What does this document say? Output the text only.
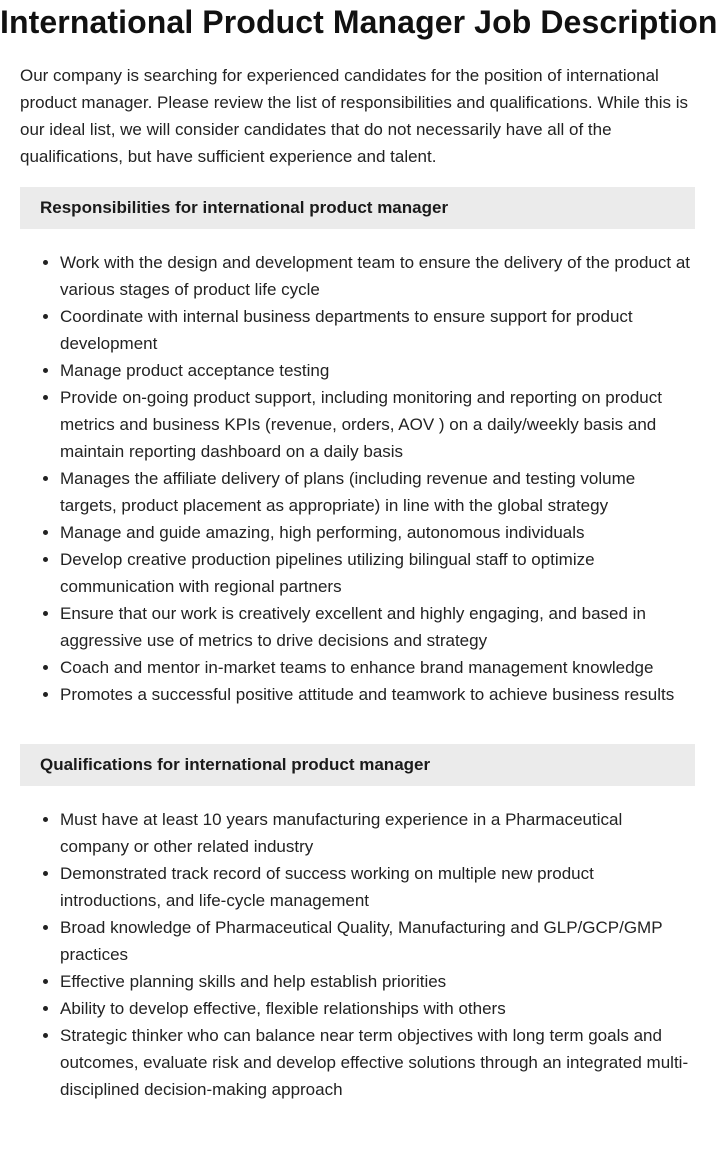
International Product Manager Job Description

Our company is searching for experienced candidates for the position of international product manager. Please review the list of responsibilities and qualifications. While this is our ideal list, we will consider candidates that do not necessarily have all of the qualifications, but have sufficient experience and talent.

Responsibilities for international product manager
• Work with the design and development team to ensure the delivery of the product at various stages of product life cycle
• Coordinate with internal business departments to ensure support for product development
• Manage product acceptance testing
• Provide on-going product support, including monitoring and reporting on product metrics and business KPIs (revenue, orders, AOV ) on a daily/weekly basis and maintain reporting dashboard on a daily basis
• Manages the affiliate delivery of plans (including revenue and testing volume targets, product placement as appropriate) in line with the global strategy
• Manage and guide amazing, high performing, autonomous individuals
• Develop creative production pipelines utilizing bilingual staff to optimize communication with regional partners
• Ensure that our work is creatively excellent and highly engaging, and based in aggressive use of metrics to drive decisions and strategy
• Coach and mentor in-market teams to enhance brand management knowledge
• Promotes a successful positive attitude and teamwork to achieve business results
Qualifications for international product manager
• Must have at least 10 years manufacturing experience in a Pharmaceutical company or other related industry
• Demonstrated track record of success working on multiple new product introductions, and life-cycle management
• Broad knowledge of Pharmaceutical Quality, Manufacturing and GLP/GCP/GMP practices
• Effective planning skills and help establish priorities
• Ability to develop effective, flexible relationships with others
• Strategic thinker who can balance near term objectives with long term goals and outcomes, evaluate risk and develop effective solutions through an integrated multi-disciplined decision-making approach
